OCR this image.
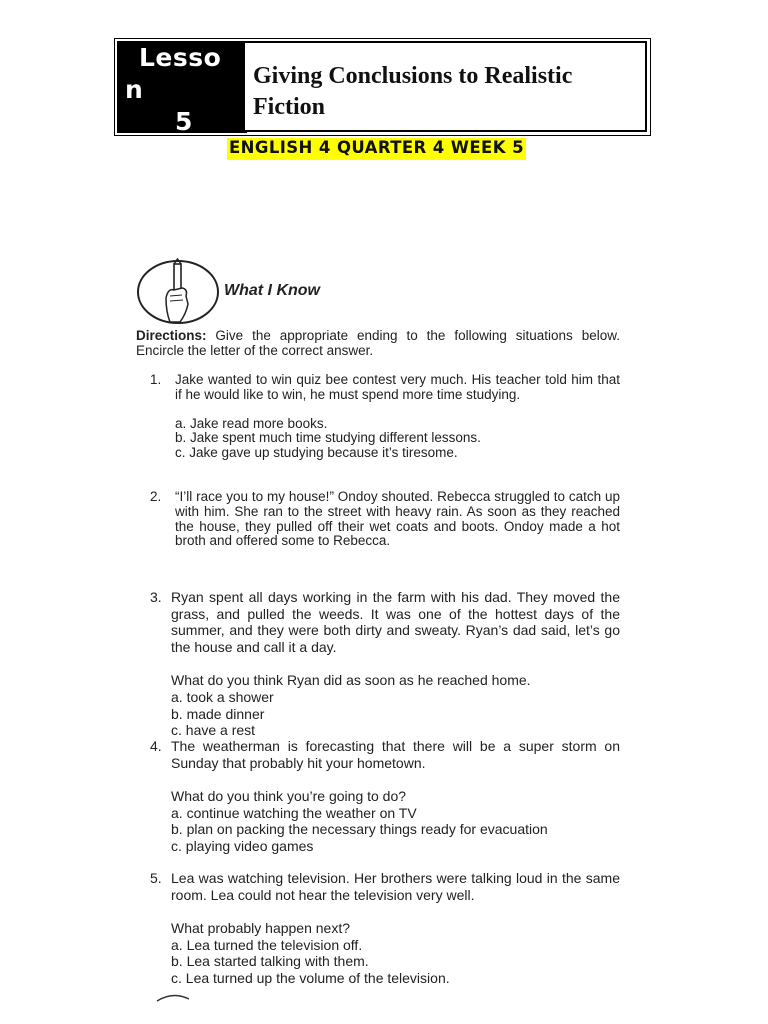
Lesso
n
5
Giving Conclusions to Realistic Fiction
ENGLISH 4 QUARTER 4 WEEK 5
What I Know
Directions: Give the appropriate ending to the following situations below. Encircle the letter of the correct answer.
1. Jake wanted to win quiz bee contest very much. His teacher told him that if he would like to win, he must spend more time studying.
a. Jake read more books.
b. Jake spent much time studying different lessons.
c. Jake gave up studying because it’s tiresome.
2. “I’ll race you to my house!” Ondoy shouted. Rebecca struggled to catch up with him. She ran to the street with heavy rain. As soon as they reached the house, they pulled off their wet coats and boots. Ondoy made a hot broth and offered some to Rebecca.
3. Ryan spent all days working in the farm with his dad. They moved the grass, and pulled the weeds. It was one of the hottest days of the summer, and they were both dirty and sweaty. Ryan’s dad said, let’s go the house and call it a day.
What do you think Ryan did as soon as he reached home.
a. took a shower
b. made dinner
c. have a rest
4. The weatherman is forecasting that there will be a super storm on Sunday that probably hit your hometown.
What do you think you’re going to do?
a. continue watching the weather on TV
b. plan on packing the necessary things ready for evacuation
c. playing video games
5. Lea was watching television. Her brothers were talking loud in the same room. Lea could not hear the television very well.
What probably happen next?
a. Lea turned the television off.
b. Lea started talking with them.
c. Lea turned up the volume of the television.
